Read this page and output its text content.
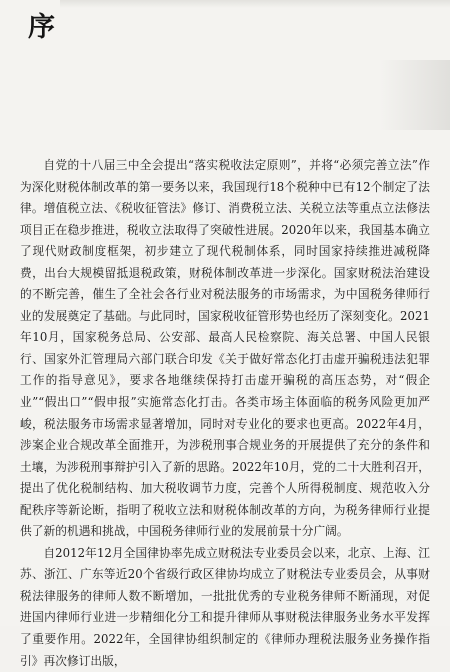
序

自党的十八届三中全会提出“落实税收法定原则”，并将“必须完善立法”作为深化财税体制改革的第一要务以来，我国现行18个税种中已有12个制定了法律。增值税立法、《税收征管法》修订、消费税立法、关税立法等重点立法修法项目正在稳步推进，税收立法取得了突破性进展。2020年以来，我国基本确立了现代财政制度框架，初步建立了现代税制体系，同时国家持续推进减税降费，出台大规模留抵退税政策，财税体制改革进一步深化。国家财税法治建设的不断完善，催生了全社会各行业对税法服务的市场需求，为中国税务律师行业的发展奠定了基础。与此同时，国家税收征管形势也经历了深刻变化。2021年10月，国家税务总局、公安部、最高人民检察院、海关总署、中国人民银行、国家外汇管理局六部门联合印发《关于做好常态化打击虚开骗税违法犯罪工作的指导意见》，要求各地继续保持打击虚开骗税的高压态势，对“假企业”“假出口”“假申报”实施常态化打击。各类市场主体面临的税务风险更加严峻，税法服务市场需求显著增加，同时对专业化的要求也更高。2022年4月，涉案企业合规改革全面推开，为涉税刑事合规业务的开展提供了充分的条件和土壤，为涉税刑事辩护引入了新的思路。2022年10月，党的二十大胜利召开，提出了优化税制结构、加大税收调节力度，完善个人所得税制度、规范收入分配秩序等新论断，指明了税收立法和财税体制改革的方向，为税务律师行业提供了新的机遇和挑战，中国税务律师行业的发展前景十分广阔。

自2012年12月全国律协率先成立财税法专业委员会以来，北京、上海、江苏、浙江、广东等近20个省级行政区律协均成立了财税法专业委员会，从事财税法律服务的律师人数不断增加，一批批优秀的专业税务律师不断涌现，对促进国内律师行业进一步精细化分工和提升律师从事财税法律服务业务水平发挥了重要作用。2022年，全国律协组织制定的《律师办理税法服务业务操作指引》再次修订出版，
